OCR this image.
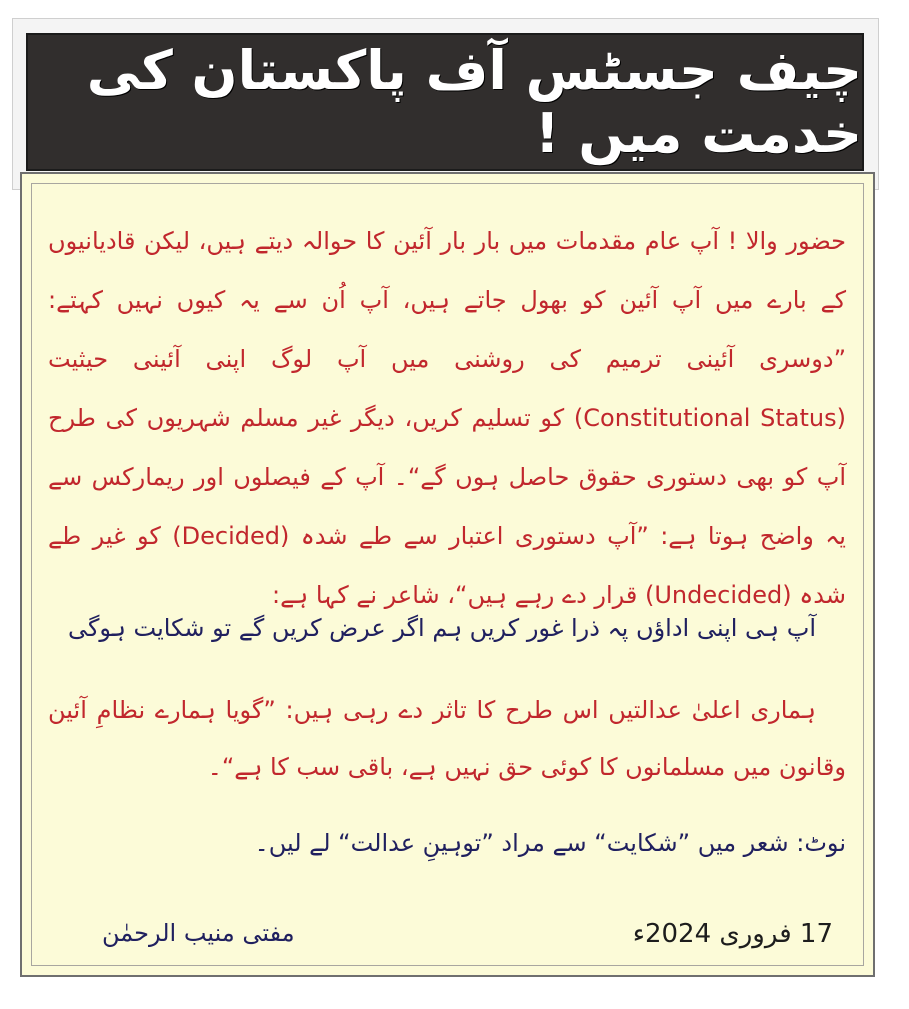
چیف جسٹس آف پاکستان کی خدمت میں !
حضور والا ! آپ عام مقدمات میں بار بار آئین کا حوالہ دیتے ہیں، لیکن قادیانیوں کے بارے میں آپ آئین کو بھول جاتے ہیں، آپ اُن سے یہ کیوں نہیں کہتے: ”دوسری آئینی ترمیم کی روشنی میں آپ لوگ اپنی آئینی حیثیت (Constitutional Status) کو تسلیم کریں، دیگر غیر مسلم شہریوں کی طرح آپ کو بھی دستوری حقوق حاصل ہوں گے“۔ آپ کے فیصلوں اور ریمارکس سے یہ واضح ہوتا ہے: ”آپ دستوری اعتبار سے طے شدہ (Decided) کو غیر طے شدہ (Undecided) قرار دے رہے ہیں“، شاعر نے کہا ہے:
آپ ہی اپنی اداؤں پہ ذرا غور کریں
ہم اگر عرض کریں گے تو شکایت ہوگی
ہماری اعلیٰ عدالتیں اس طرح کا تاثر دے رہی ہیں: ”گویا ہمارے نظامِ آئین وقانون میں مسلمانوں کا کوئی حق نہیں ہے، باقی سب کا ہے“۔
نوٹ: شعر میں ”شکایت“ سے مراد ”توہینِ عدالت“ لے لیں۔
مفتی منیب الرحمٰن	17 فروری 2024ء
